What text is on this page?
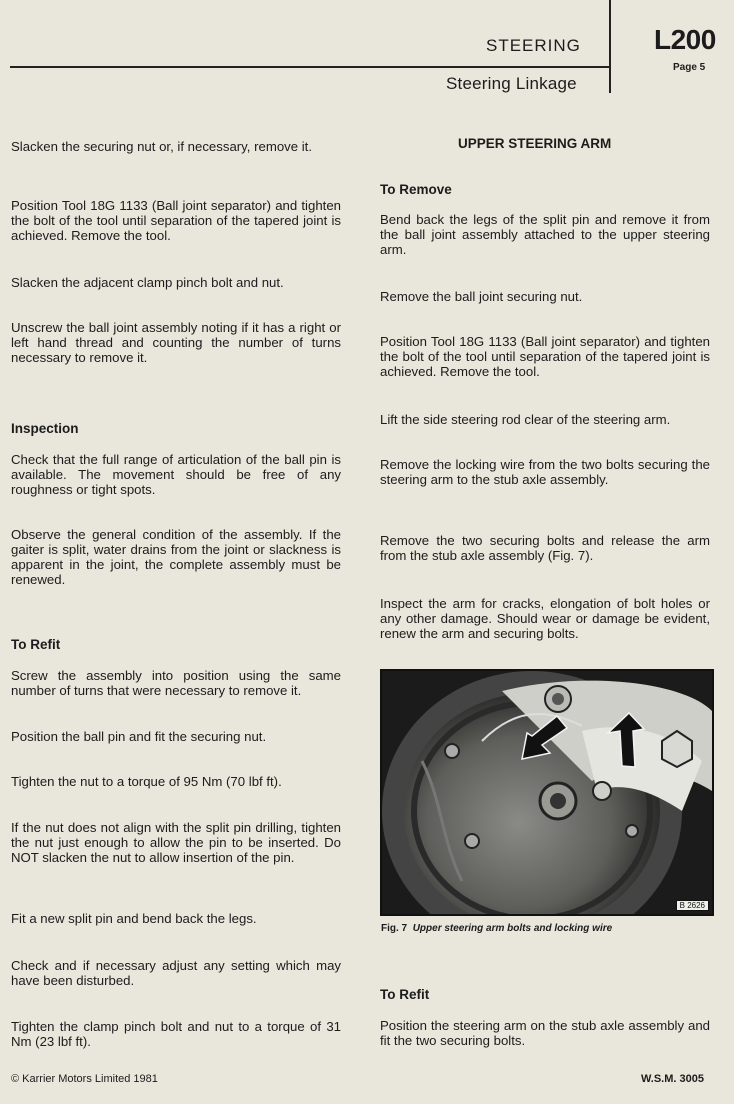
STEERING
Steering Linkage
L200
Page 5

Slacken the securing nut or, if necessary, remove it.

Position Tool 18G 1133 (Ball joint separator) and tighten the bolt of the tool until separation of the tapered joint is achieved. Remove the tool.

Slacken the adjacent clamp pinch bolt and nut.

Unscrew the ball joint assembly noting if it has a right or left hand thread and counting the number of turns necessary to remove it.

Inspection

Check that the full range of articulation of the ball pin is available. The movement should be free of any roughness or tight spots.

Observe the general condition of the assembly. If the gaiter is split, water drains from the joint or slackness is apparent in the joint, the complete assembly must be renewed.

To Refit

Screw the assembly into position using the same number of turns that were necessary to remove it.

Position the ball pin and fit the securing nut.

Tighten the nut to a torque of 95 Nm (70 lbf ft).

If the nut does not align with the split pin drilling, tighten the nut just enough to allow the pin to be inserted. Do NOT slacken the nut to allow insertion of the pin.

Fit a new split pin and bend back the legs.

Check and if necessary adjust any setting which may have been disturbed.

Tighten the clamp pinch bolt and nut to a torque of 31 Nm (23 lbf ft).

UPPER STEERING ARM

To Remove

Bend back the legs of the split pin and remove it from the ball joint assembly attached to the upper steering arm.

Remove the ball joint securing nut.

Position Tool 18G 1133 (Ball joint separator) and tighten the bolt of the tool until separation of the tapered joint is achieved. Remove the tool.

Lift the side steering rod clear of the steering arm.

Remove the locking wire from the two bolts securing the steering arm to the stub axle assembly.

Remove the two securing bolts and release the arm from the stub axle assembly (Fig. 7).

Inspect the arm for cracks, elongation of bolt holes or any other damage. Should wear or damage be evident, renew the arm and securing bolts.

B 2626
Fig. 7 Upper steering arm bolts and locking wire

To Refit

Position the steering arm on the stub axle assembly and fit the two securing bolts.

© Karrier Motors Limited 1981	W.S.M. 3005
